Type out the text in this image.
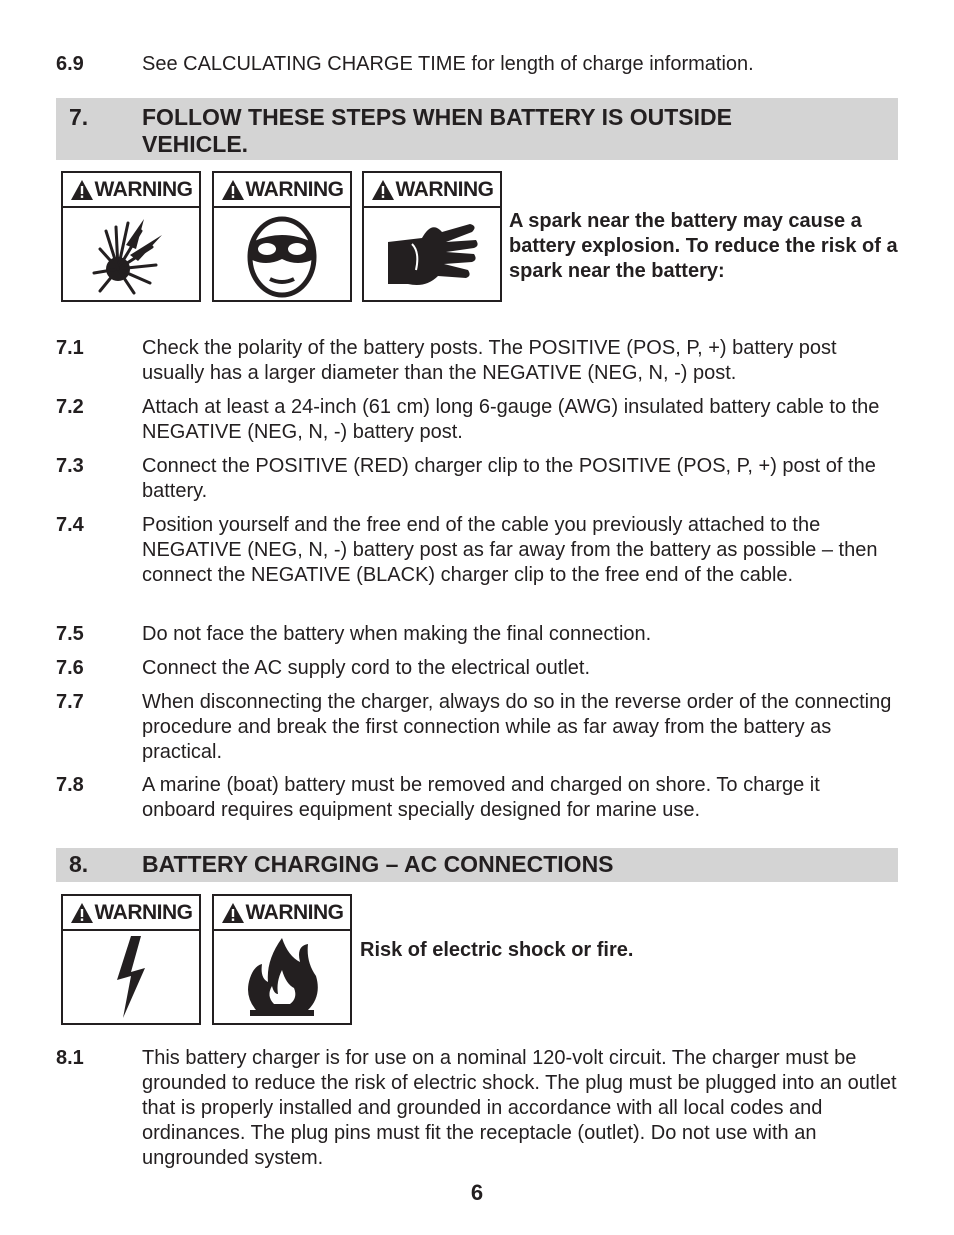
6.9	See CALCULATING CHARGE TIME for length of charge information.
7. FOLLOW THESE STEPS WHEN BATTERY IS OUTSIDE VEHICLE.
WARNING	WARNING WARNING
A spark near the battery may cause a battery explosion. To reduce the risk of a spark near the battery:
7.1	Check the polarity of the battery posts. The POSITIVE (POS, P, +) battery post usually has a larger diameter than the NEGATIVE (NEG, N, -) post.
7.2	Attach at least a 24-inch (61 cm) long 6-gauge (AWG) insulated battery cable to the NEGATIVE (NEG, N, -) battery post.
7.3	Connect the POSITIVE (RED) charger clip to the POSITIVE (POS, P, +) post of the battery.
7.4	Position yourself and the free end of the cable you previously attached to the NEGATIVE (NEG, N, -) battery post as far away from the battery as possible – then connect the NEGATIVE (BLACK) charger clip to the free end of the cable.
7.5	Do not face the battery when making the final connection.
7.6	Connect the AC supply cord to the electrical outlet.
7.7	When disconnecting the charger, always do so in the reverse order of the connecting procedure and break the first connection while as far away from the battery as practical.
7.8	A marine (boat) battery must be removed and charged on shore. To charge it onboard requires equipment specially designed for marine use.
8. BATTERY CHARGING – AC CONNECTIONS
WARNING	WARNING
Risk of electric shock or fire.
8.1	This battery charger is for use on a nominal 120-volt circuit. The charger must be grounded to reduce the risk of electric shock. The plug must be plugged into an outlet that is properly installed and grounded in accordance with all local codes and ordinances. The plug pins must fit the receptacle (outlet). Do not use with an ungrounded system.
6
